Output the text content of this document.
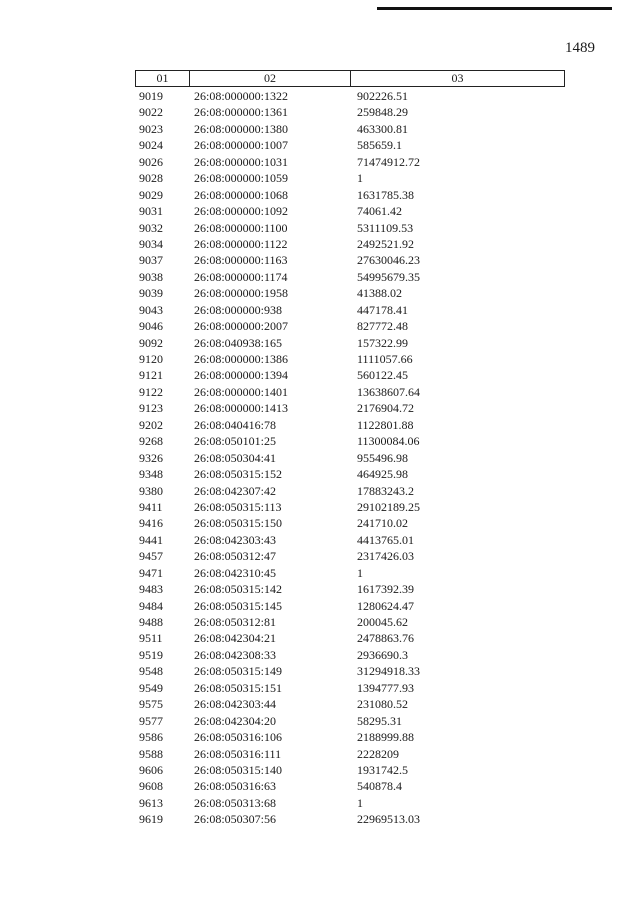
1489
01	02	03
9019	26:08:000000:1322	902226.51
9022	26:08:000000:1361	259848.29
9023	26:08:000000:1380	463300.81
9024	26:08:000000:1007	585659.1
9026	26:08:000000:1031	71474912.72
9028	26:08:000000:1059	1
9029	26:08:000000:1068	1631785.38
9031	26:08:000000:1092	74061.42
9032	26:08:000000:1100	5311109.53
9034	26:08:000000:1122	2492521.92
9037	26:08:000000:1163	27630046.23
9038	26:08:000000:1174	54995679.35
9039	26:08:000000:1958	41388.02
9043	26:08:000000:938	447178.41
9046	26:08:000000:2007	827772.48
9092	26:08:040938:165	157322.99
9120	26:08:000000:1386	1111057.66
9121	26:08:000000:1394	560122.45
9122	26:08:000000:1401	13638607.64
9123	26:08:000000:1413	2176904.72
9202	26:08:040416:78	1122801.88
9268	26:08:050101:25	11300084.06
9326	26:08:050304:41	955496.98
9348	26:08:050315:152	464925.98
9380	26:08:042307:42	17883243.2
9411	26:08:050315:113	29102189.25
9416	26:08:050315:150	241710.02
9441	26:08:042303:43	4413765.01
9457	26:08:050312:47	2317426.03
9471	26:08:042310:45	1
9483	26:08:050315:142	1617392.39
9484	26:08:050315:145	1280624.47
9488	26:08:050312:81	200045.62
9511	26:08:042304:21	2478863.76
9519	26:08:042308:33	2936690.3
9548	26:08:050315:149	31294918.33
9549	26:08:050315:151	1394777.93
9575	26:08:042303:44	231080.52
9577	26:08:042304:20	58295.31
9586	26:08:050316:106	2188999.88
9588	26:08:050316:111	2228209
9606	26:08:050315:140	1931742.5
9608	26:08:050316:63	540878.4
9613	26:08:050313:68	1
9619	26:08:050307:56	22969513.03
